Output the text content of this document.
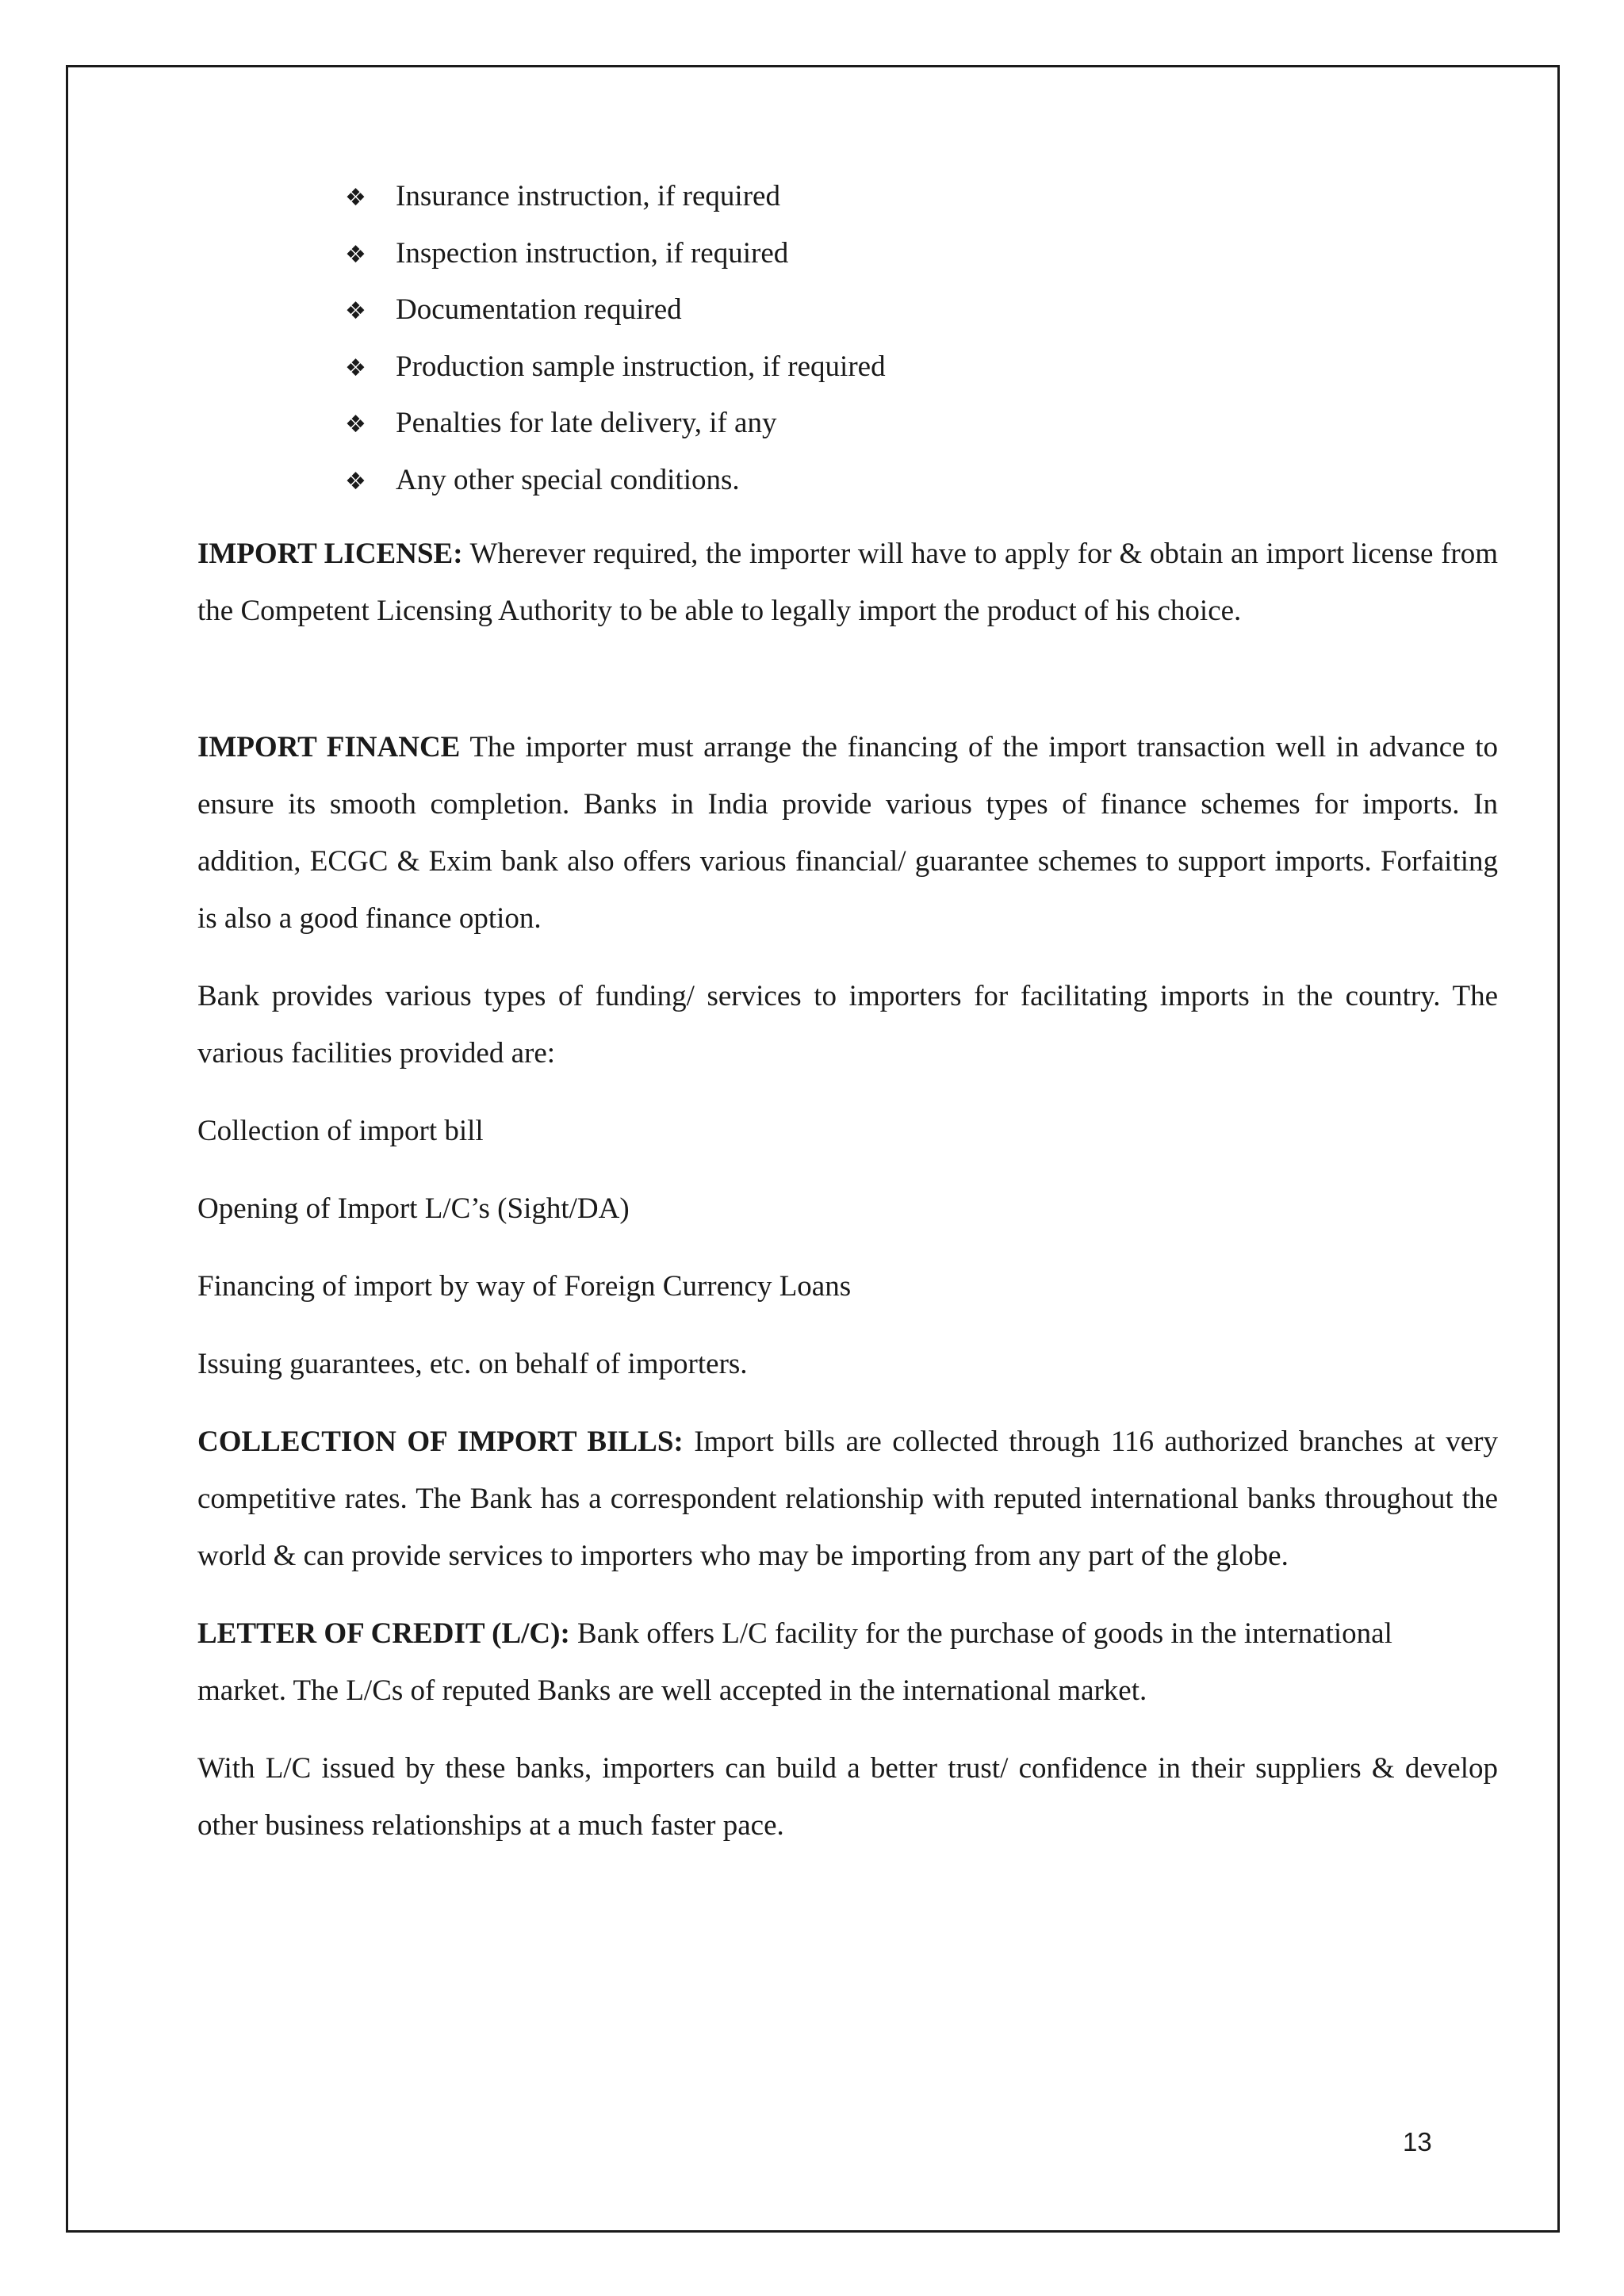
❖	Insurance instruction, if required
❖	Inspection instruction, if required
❖	Documentation required
❖	Production sample instruction, if required
❖	Penalties for late delivery, if any
❖	Any other special conditions.

IMPORT LICENSE: Wherever required, the importer will have to apply for & obtain an import license from the Competent Licensing Authority to be able to legally import the product of his choice.

IMPORT FINANCE The importer must arrange the financing of the import transaction well in advance to ensure its smooth completion. Banks in India provide various types of finance schemes for imports. In addition, ECGC & Exim bank also offers various financial/ guarantee schemes to support imports. Forfaiting is also a good finance option.

Bank provides various types of funding/ services to importers for facilitating imports in the country. The various facilities provided are:

Collection of import bill

Opening of Import L/C’s (Sight/DA)

Financing of import by way of Foreign Currency Loans

Issuing guarantees, etc. on behalf of importers.

COLLECTION OF IMPORT BILLS: Import bills are collected through 116 authorized branches at very competitive rates. The Bank has a correspondent relationship with reputed international banks throughout the world & can provide services to importers who may be importing from any part of the globe.

LETTER OF CREDIT (L/C): Bank offers L/C facility for the purchase of goods in the international
market. The L/Cs of reputed Banks are well accepted in the international market.

With L/C issued by these banks, importers can build a better trust/ confidence in their suppliers & develop other business relationships at a much faster pace.

13
